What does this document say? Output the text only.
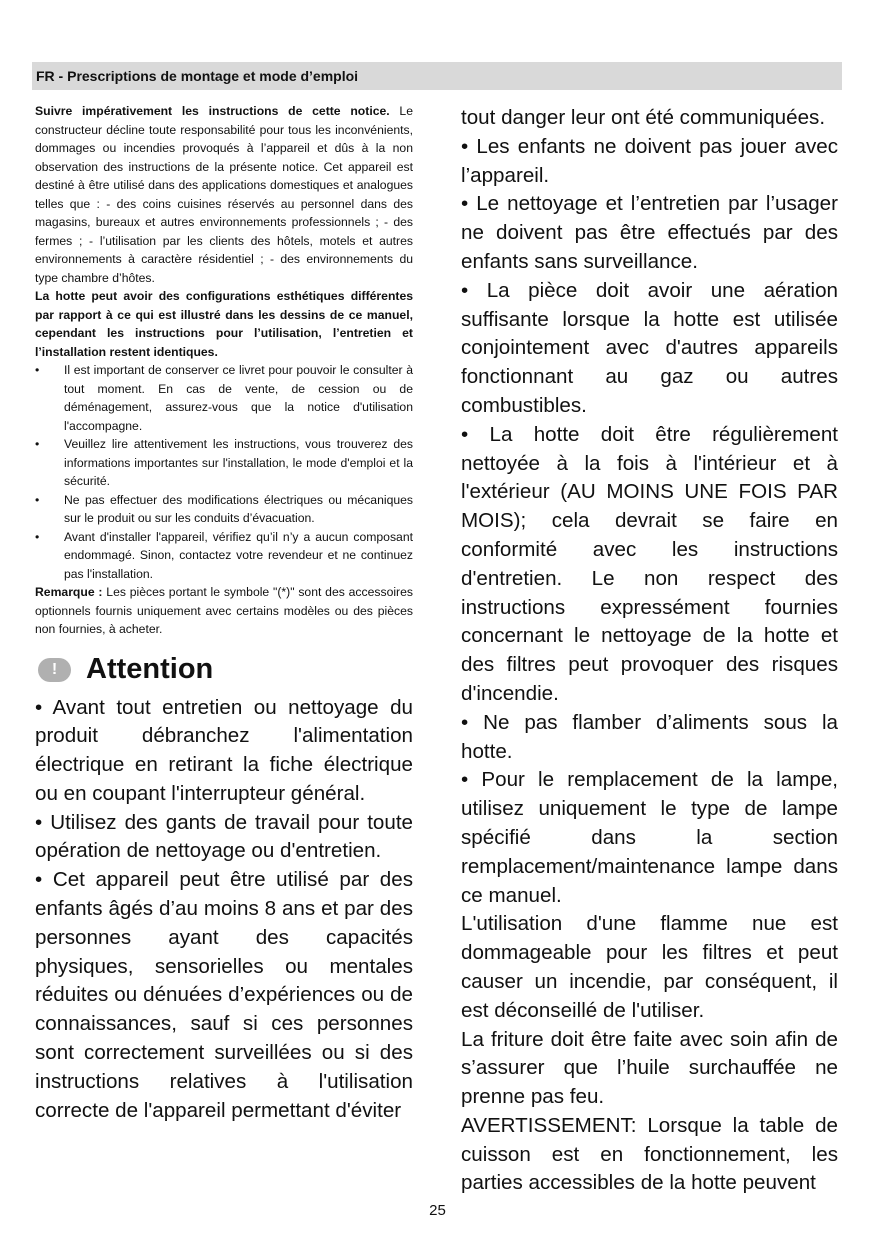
FR - Prescriptions de montage et mode d’emploi

Suivre impérativement les instructions de cette notice. Le constructeur décline toute responsabilité pour tous les inconvénients, dommages ou incendies provoqués à l’appareil et dûs à la non observation des instructions de la présente notice. Cet appareil est destiné à être utilisé dans des applications domestiques et analogues telles que : - des coins cuisines réservés au personnel dans des magasins, bureaux et autres environnements professionnels ; - des fermes ; - l’utilisation par les clients des hôtels, motels et autres environnements à caractère résidentiel ; - des environnements du type chambre d’hôtes.

La hotte peut avoir des configurations esthétiques différentes par rapport à ce qui est illustré dans les dessins de ce manuel, cependant les instructions pour l’utilisation, l’entretien et l’installation restent identiques.

• Il est important de conserver ce livret pour pouvoir le consulter à tout moment. En cas de vente, de cession ou de déménagement, assurez-vous que la notice d'utilisation l'accompagne.
• Veuillez lire attentivement les instructions, vous trouverez des informations importantes sur l'installation, le mode d'emploi et la sécurité.
• Ne pas effectuer des modifications électriques ou mécaniques sur le produit ou sur les conduits d’évacuation.
• Avant d'installer l'appareil, vérifiez qu’il n’y a aucun composant endommagé. Sinon, contactez votre revendeur et ne continuez pas l'installation.

Remarque : Les pièces portant le symbole "(*)" sont des accessoires optionnels fournis uniquement avec certains modèles ou des pièces non fournies, à acheter.

! Attention

• Avant tout entretien ou nettoyage du produit débranchez l'alimentation électrique en retirant la fiche électrique ou en coupant l'interrupteur général.

• Utilisez des gants de travail pour toute opération de nettoyage ou d'entretien.

• Cet appareil peut être utilisé par des enfants âgés d’au moins 8 ans et par des personnes ayant des capacités physiques, sensorielles ou mentales réduites ou dénuées d’expériences ou de connaissances, sauf si ces personnes sont correctement surveillées ou si des instructions relatives à l'utilisation correcte de l'appareil permettant d'éviter

tout danger leur ont été communiquées.

• Les enfants ne doivent pas jouer avec l’appareil.

• Le nettoyage et l’entretien par l’usager ne doivent pas être effectués par des enfants sans surveillance.

• La pièce doit avoir une aération suffisante lorsque la hotte est utilisée conjointement avec d'autres appareils fonctionnant au gaz ou autres combustibles.

• La hotte doit être régulièrement nettoyée à la fois à l'intérieur et à l'extérieur (AU MOINS UNE FOIS PAR MOIS); cela devrait se faire en conformité avec les instructions d'entretien. Le non respect des instructions expressément fournies concernant le nettoyage de la hotte et des filtres peut provoquer des risques d'incendie.

• Ne pas flamber d’aliments sous la hotte.

• Pour le remplacement de la lampe, utilisez uniquement le type de lampe spécifié dans la section remplacement/maintenance lampe dans ce manuel.

L'utilisation d'une flamme nue est dommageable pour les filtres et peut causer un incendie, par conséquent, il est déconseillé de l'utiliser.

La friture doit être faite avec soin afin de s’assurer que l’huile surchauffée ne prenne pas feu.

AVERTISSEMENT: Lorsque la table de cuisson est en fonctionnement, les parties accessibles de la hotte peuvent

25
